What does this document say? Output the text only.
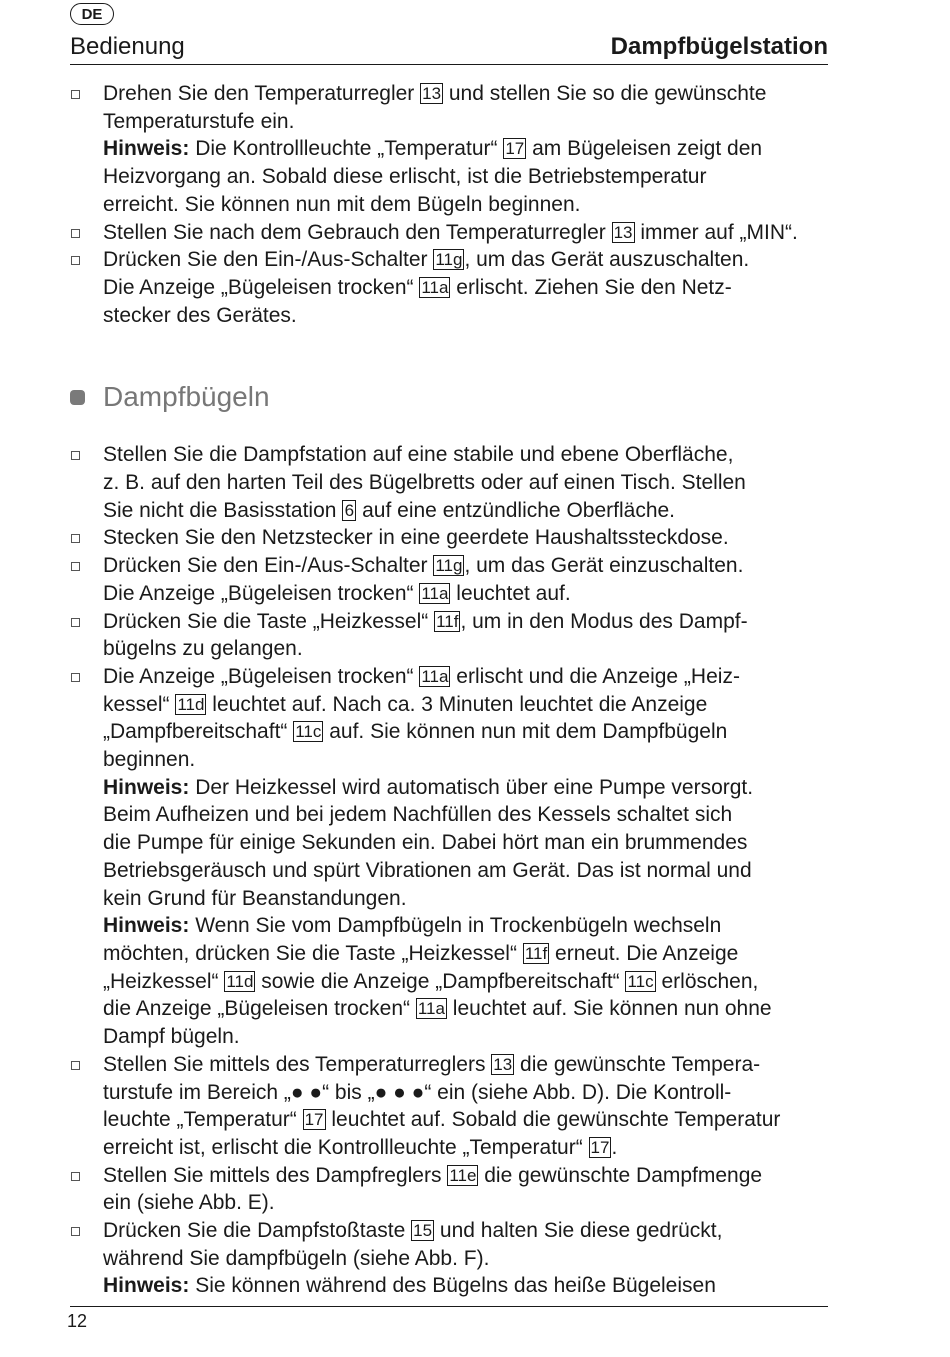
DE
Bedienung	Dampfbügelstation
Drehen Sie den Temperaturregler 13 und stellen Sie so die gewünschte
Temperaturstufe ein.
Hinweis: Die Kontrollleuchte „Temperatur“ 17 am Bügeleisen zeigt den
Heizvorgang an. Sobald diese erlischt, ist die Betriebstemperatur
erreicht. Sie können nun mit dem Bügeln beginnen.
Stellen Sie nach dem Gebrauch den Temperaturregler 13 immer auf „MIN“.
Drücken Sie den Ein-/Aus-Schalter 11g, um das Gerät auszuschalten.
Die Anzeige „Bügeleisen trocken“ 11a erlischt. Ziehen Sie den Netz-
stecker des Gerätes.
Dampfbügeln
Stellen Sie die Dampfstation auf eine stabile und ebene Oberfläche,
z. B. auf den harten Teil des Bügelbretts oder auf einen Tisch. Stellen
Sie nicht die Basisstation 6 auf eine entzündliche Oberfläche.
Stecken Sie den Netzstecker in eine geerdete Haushaltssteckdose.
Drücken Sie den Ein-/Aus-Schalter 11g, um das Gerät einzuschalten.
Die Anzeige „Bügeleisen trocken“ 11a leuchtet auf.
Drücken Sie die Taste „Heizkessel“ 11f, um in den Modus des Dampf-
bügelns zu gelangen.
Die Anzeige „Bügeleisen trocken“ 11a erlischt und die Anzeige „Heiz-
kessel“ 11d leuchtet auf. Nach ca. 3 Minuten leuchtet die Anzeige
„Dampfbereitschaft“ 11c auf. Sie können nun mit dem Dampfbügeln
beginnen.
Hinweis: Der Heizkessel wird automatisch über eine Pumpe versorgt.
Beim Aufheizen und bei jedem Nachfüllen des Kessels schaltet sich
die Pumpe für einige Sekunden ein. Dabei hört man ein brummendes
Betriebsgeräusch und spürt Vibrationen am Gerät. Das ist normal und
kein Grund für Beanstandungen.
Hinweis: Wenn Sie vom Dampfbügeln in Trockenbügeln wechseln
möchten, drücken Sie die Taste „Heizkessel“ 11f erneut. Die Anzeige
„Heizkessel“ 11d sowie die Anzeige „Dampfbereitschaft“ 11c erlöschen,
die Anzeige „Bügeleisen trocken“ 11a leuchtet auf. Sie können nun ohne
Dampf bügeln.
Stellen Sie mittels des Temperaturreglers 13 die gewünschte Tempera-
turstufe im Bereich „● ●“ bis „● ● ●“ ein (siehe Abb. D). Die Kontroll-
leuchte „Temperatur“ 17 leuchtet auf. Sobald die gewünschte Temperatur
erreicht ist, erlischt die Kontrollleuchte „Temperatur“ 17.
Stellen Sie mittels des Dampfreglers 11e die gewünschte Dampfmenge
ein (siehe Abb. E).
Drücken Sie die Dampfstoßtaste 15 und halten Sie diese gedrückt,
während Sie dampfbügeln (siehe Abb. F).
Hinweis: Sie können während des Bügelns das heiße Bügeleisen
12
